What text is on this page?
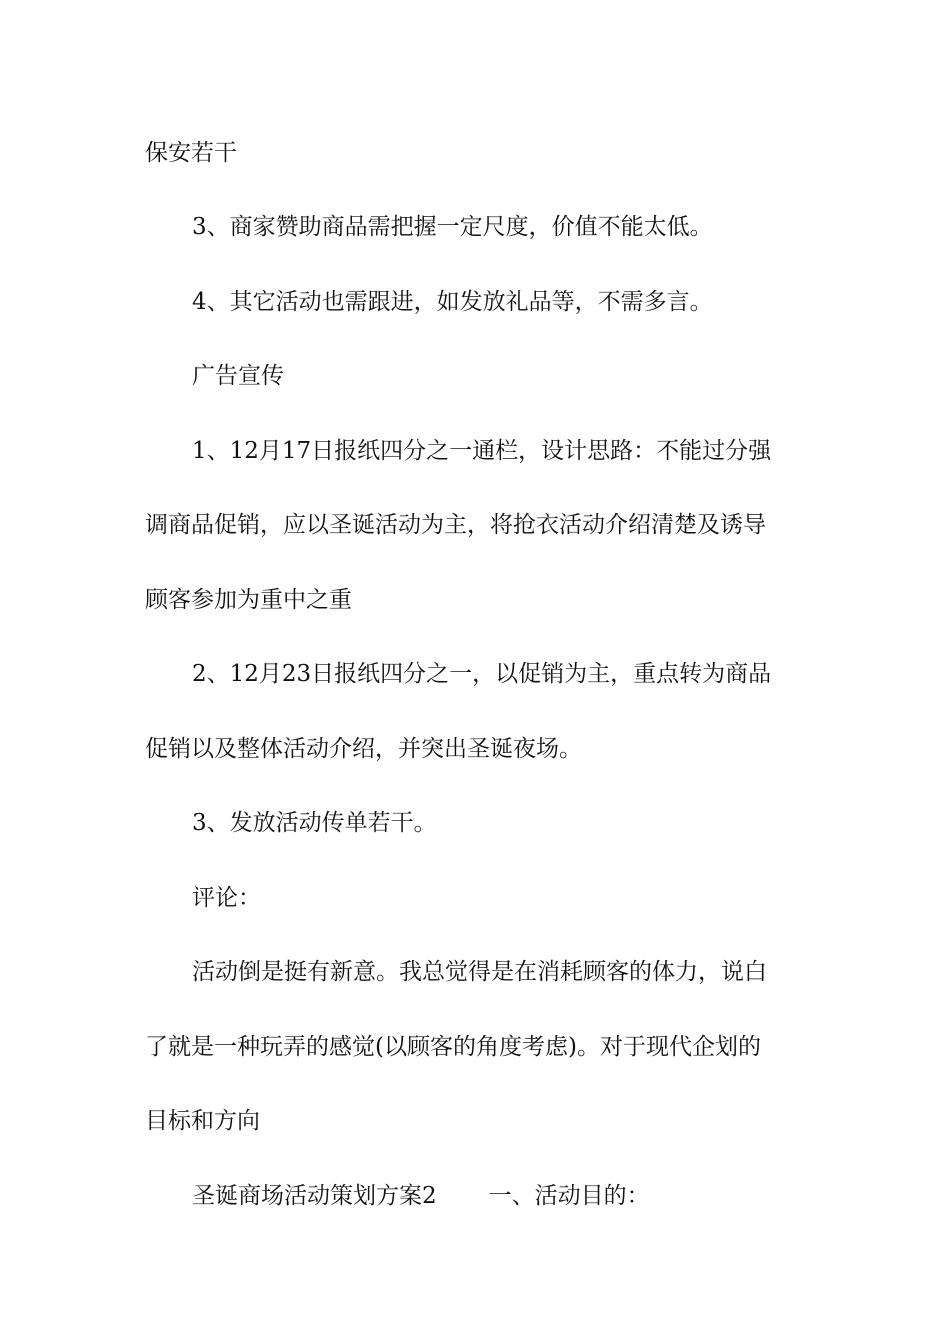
保安若干
3、商家赞助商品需把握一定尺度，价值不能太低。
4、其它活动也需跟进，如发放礼品等，不需多言。
广告宣传
1、12月17日报纸四分之一通栏，设计思路：不能过分强
调商品促销，应以圣诞活动为主，将抢衣活动介绍清楚及诱导
顾客参加为重中之重
2、12月23日报纸四分之一，以促销为主，重点转为商品
促销以及整体活动介绍，并突出圣诞夜场。
3、发放活动传单若干。
评论：
活动倒是挺有新意。我总觉得是在消耗顾客的体力，说白
了就是一种玩弄的感觉(以顾客的角度考虑)。对于现代企划的
目标和方向
圣诞商场活动策划方案2 一、活动目的：
